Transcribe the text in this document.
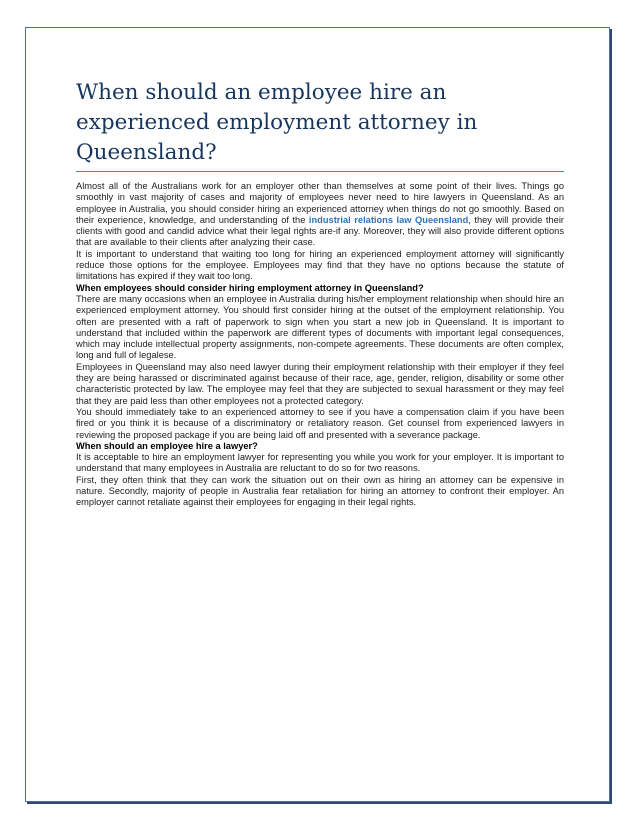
When should an employee hire an experienced employment attorney in Queensland?

Almost all of the Australians work for an employer other than themselves at some point of their lives. Things go smoothly in vast majority of cases and majority of employees never need to hire lawyers in Queensland. As an employee in Australia, you should consider hiring an experienced attorney when things do not go smoothly. Based on their experience, knowledge, and understanding of the industrial relations law Queensland, they will provide their clients with good and candid advice what their legal rights are-if any. Moreover, they will also provide different options that are available to their clients after analyzing their case.

It is important to understand that waiting too long for hiring an experienced employment attorney will significantly reduce those options for the employee. Employees may find that they have no options because the statute of limitations has expired if they wait too long.

When employees should consider hiring employment attorney in Queensland?

There are many occasions when an employee in Australia during his/her employment relationship when should hire an experienced employment attorney. You should first consider hiring at the outset of the employment relationship. You often are presented with a raft of paperwork to sign when you start a new job in Queensland. It is important to understand that included within the paperwork are different types of documents with important legal consequences, which may include intellectual property assignments, non-compete agreements. These documents are often complex, long and full of legalese.

Employees in Queensland may also need lawyer during their employment relationship with their employer if they feel they are being harassed or discriminated against because of their race, age, gender, religion, disability or some other characteristic protected by law. The employee may feel that they are subjected to sexual harassment or they may feel that they are paid less than other employees not a protected category.

You should immediately take to an experienced attorney to see if you have a compensation claim if you have been fired or you think it is because of a discriminatory or retaliatory reason. Get counsel from experienced lawyers in reviewing the proposed package if you are being laid off and presented with a severance package.

When should an employee hire a lawyer?

It is acceptable to hire an employment lawyer for representing you while you work for your employer. It is important to understand that many employees in Australia are reluctant to do so for two reasons.

First, they often think that they can work the situation out on their own as hiring an attorney can be expensive in nature. Secondly, majority of people in Australia fear retaliation for hiring an attorney to confront their employer. An employer cannot retaliate against their employees for engaging in their legal rights.
